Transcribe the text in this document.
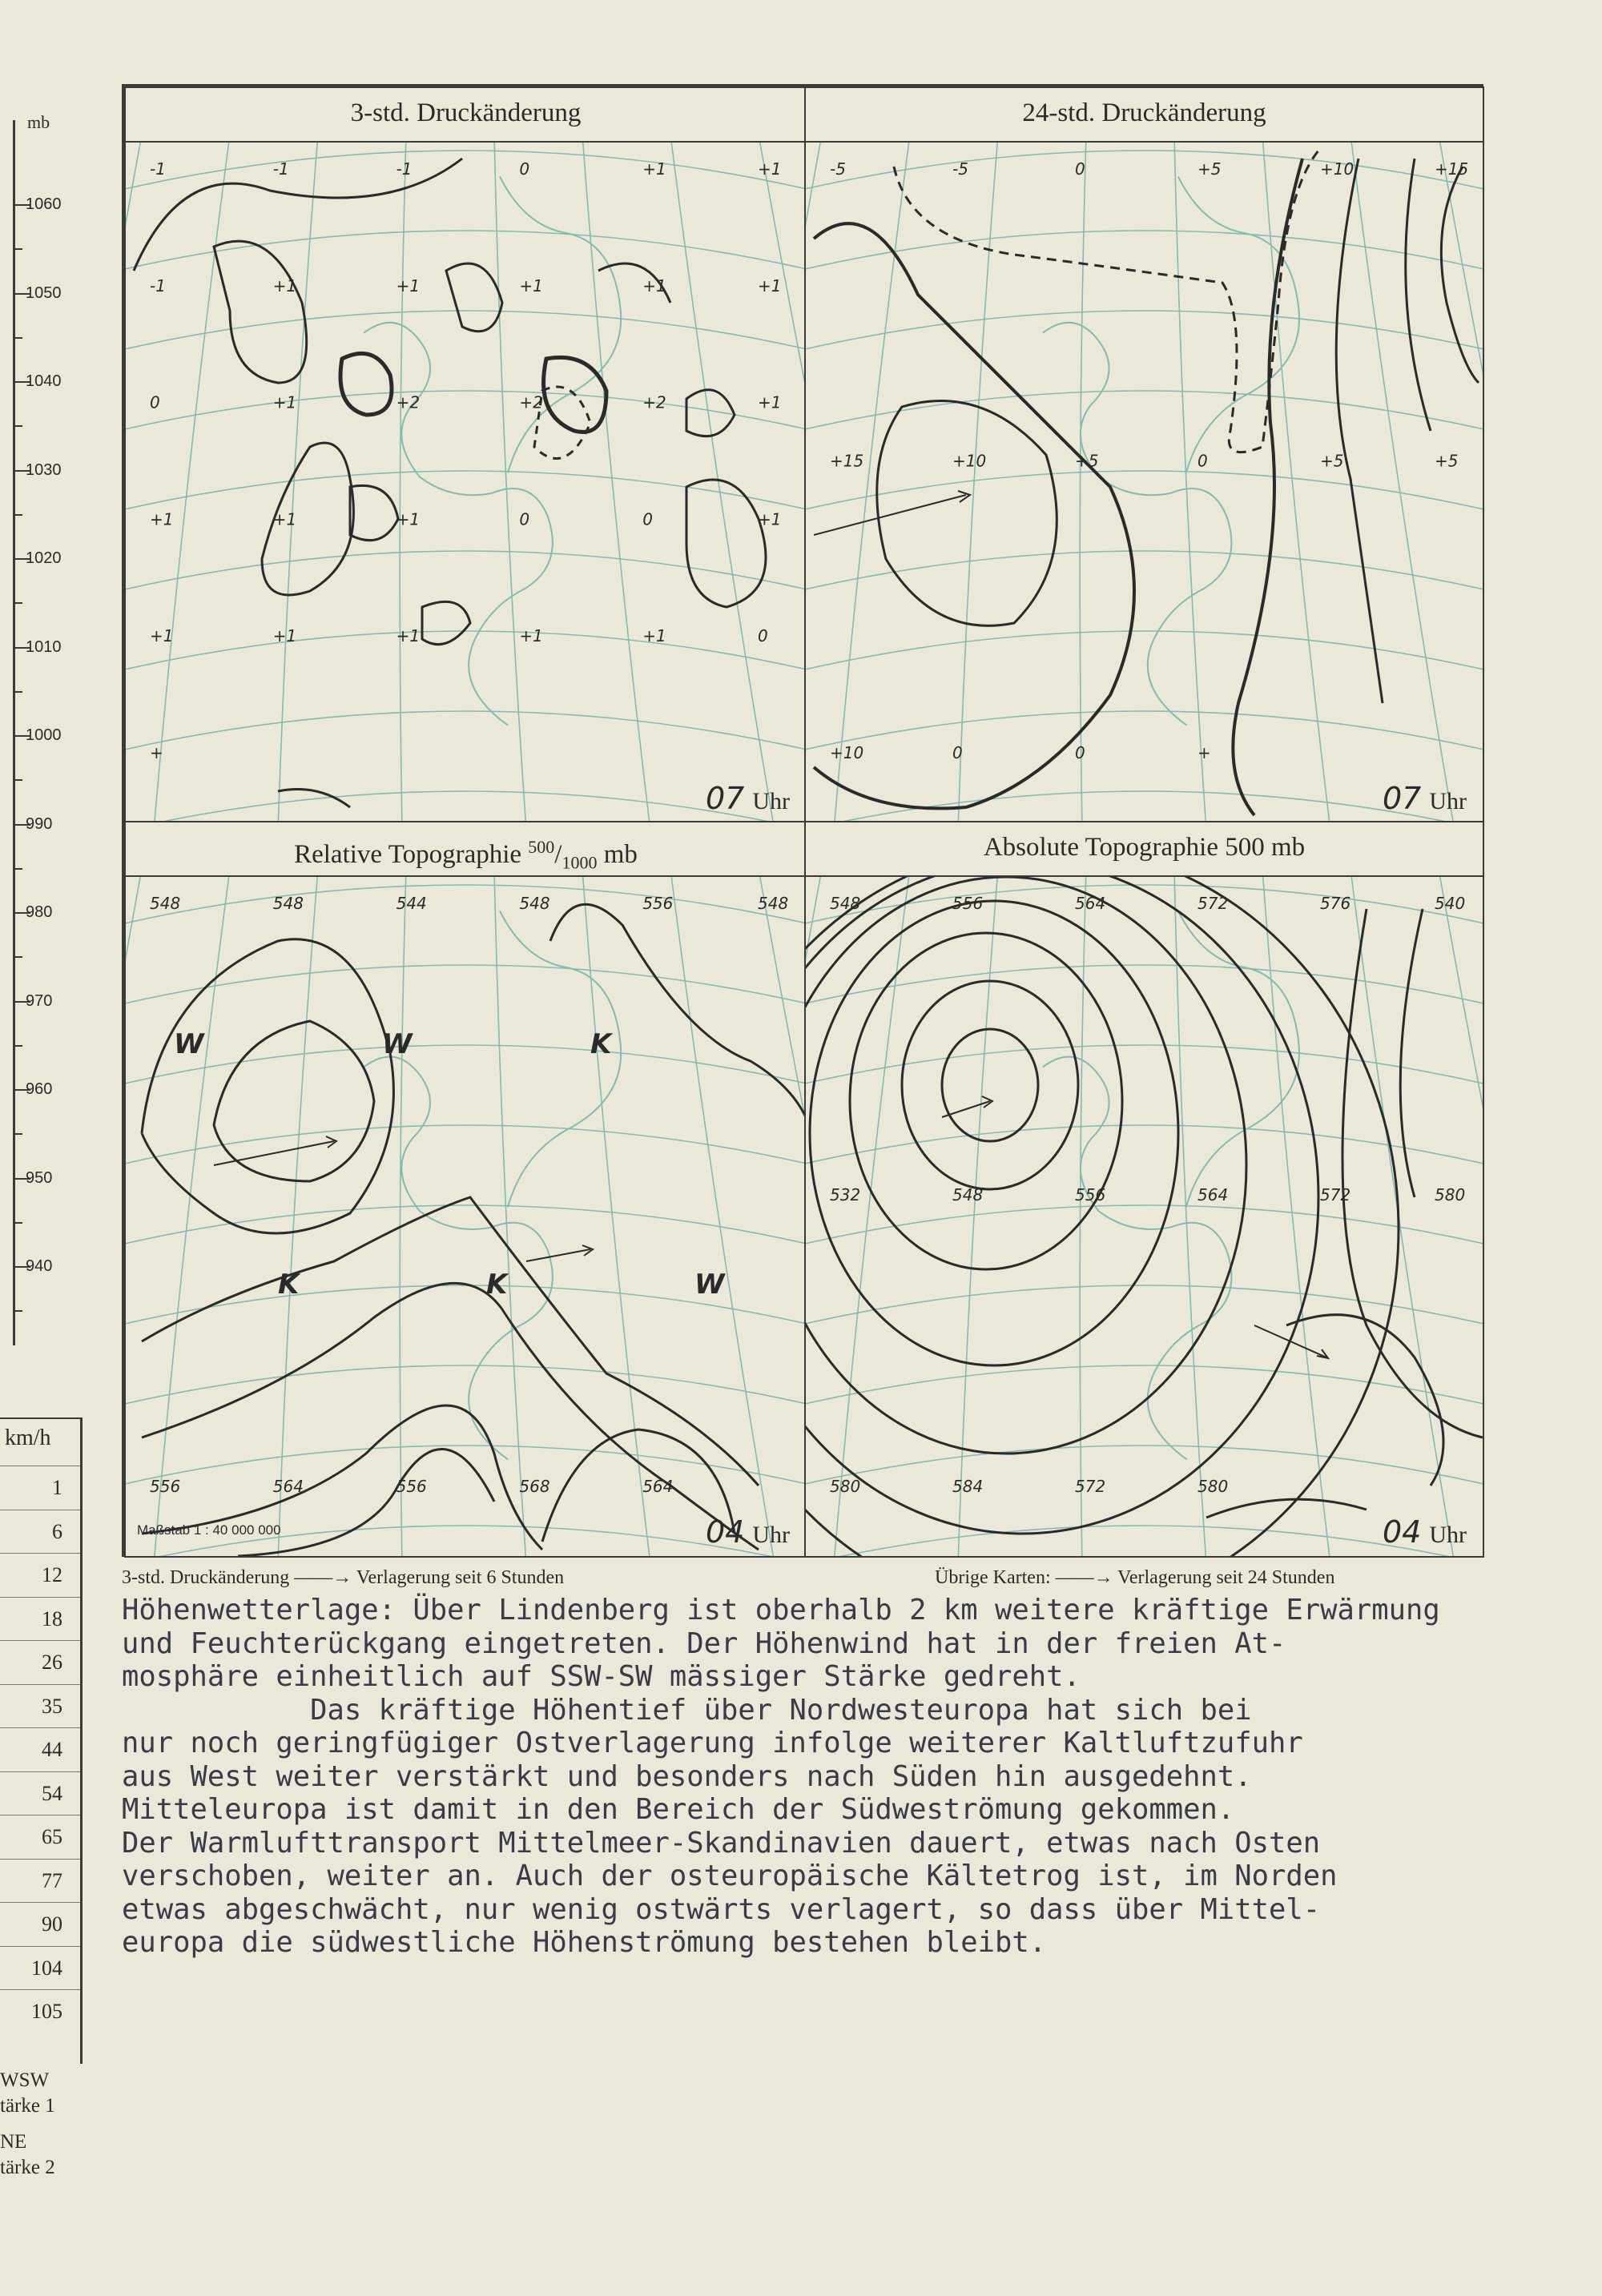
mb
1060
1050
1040
1030
1020
1010
1000
990
980
970
960
950
940
km/h
1
6
12
18
26
35
44
54
65
77
90
104
105
WSW
tärke 1
NE
tärke 2
3-std. Druckänderung
-1	-1	-1	0	+1	+1
-1	+1	+1	+1	+1	+1
0	+1	+2	+2	+2	+1
+1	+1	+1	0	0	+1
+1	+1	+1	+1	+1	0
+
07 Uhr
24-std. Druckänderung
-5	-5	0	+5	+10	+15
+15	+10	+5	0	+5	+5
+10	0	0	+
07 Uhr
Relative Topographie $^{500}/_{1000}$ mb
548	548	544	548	556	548
556	564	556	568	564
W
K
W
K
K
W
Maßstab 1 : 40 000 000	04 Uhr
Absolute Topographie 500 mb
548	556	564	572	576	540
532	548	556	564	572	580
580	584	572	580
04 Uhr
3-std. Druckänderung ——→ Verlagerung seit 6 Stunden	Übrige Karten: ——→ Verlagerung seit 24 Stunden

Höhenwetterlage: Über Lindenberg ist oberhalb 2 km weitere kräftige Erwärmung

und Feuchterückgang eingetreten. Der Höhenwind hat in der freien At-

mosphäre einheitlich auf SSW-SW mässiger Stärke gedreht.

Das kräftige Höhentief über Nordwesteuropa hat sich bei

nur noch geringfügiger Ostverlagerung infolge weiterer Kaltluftzufuhr

aus West weiter verstärkt und besonders nach Süden hin ausgedehnt.

Mitteleuropa ist damit in den Bereich der Südweströmung gekommen.

Der Warmlufttransport Mittelmeer-Skandinavien dauert, etwas nach Osten

verschoben, weiter an. Auch der osteuropäische Kältetrog ist, im Norden

etwas abgeschwächt, nur wenig ostwärts verlagert, so dass über Mittel-

europa die südwestliche Höhenströmung bestehen bleibt.
